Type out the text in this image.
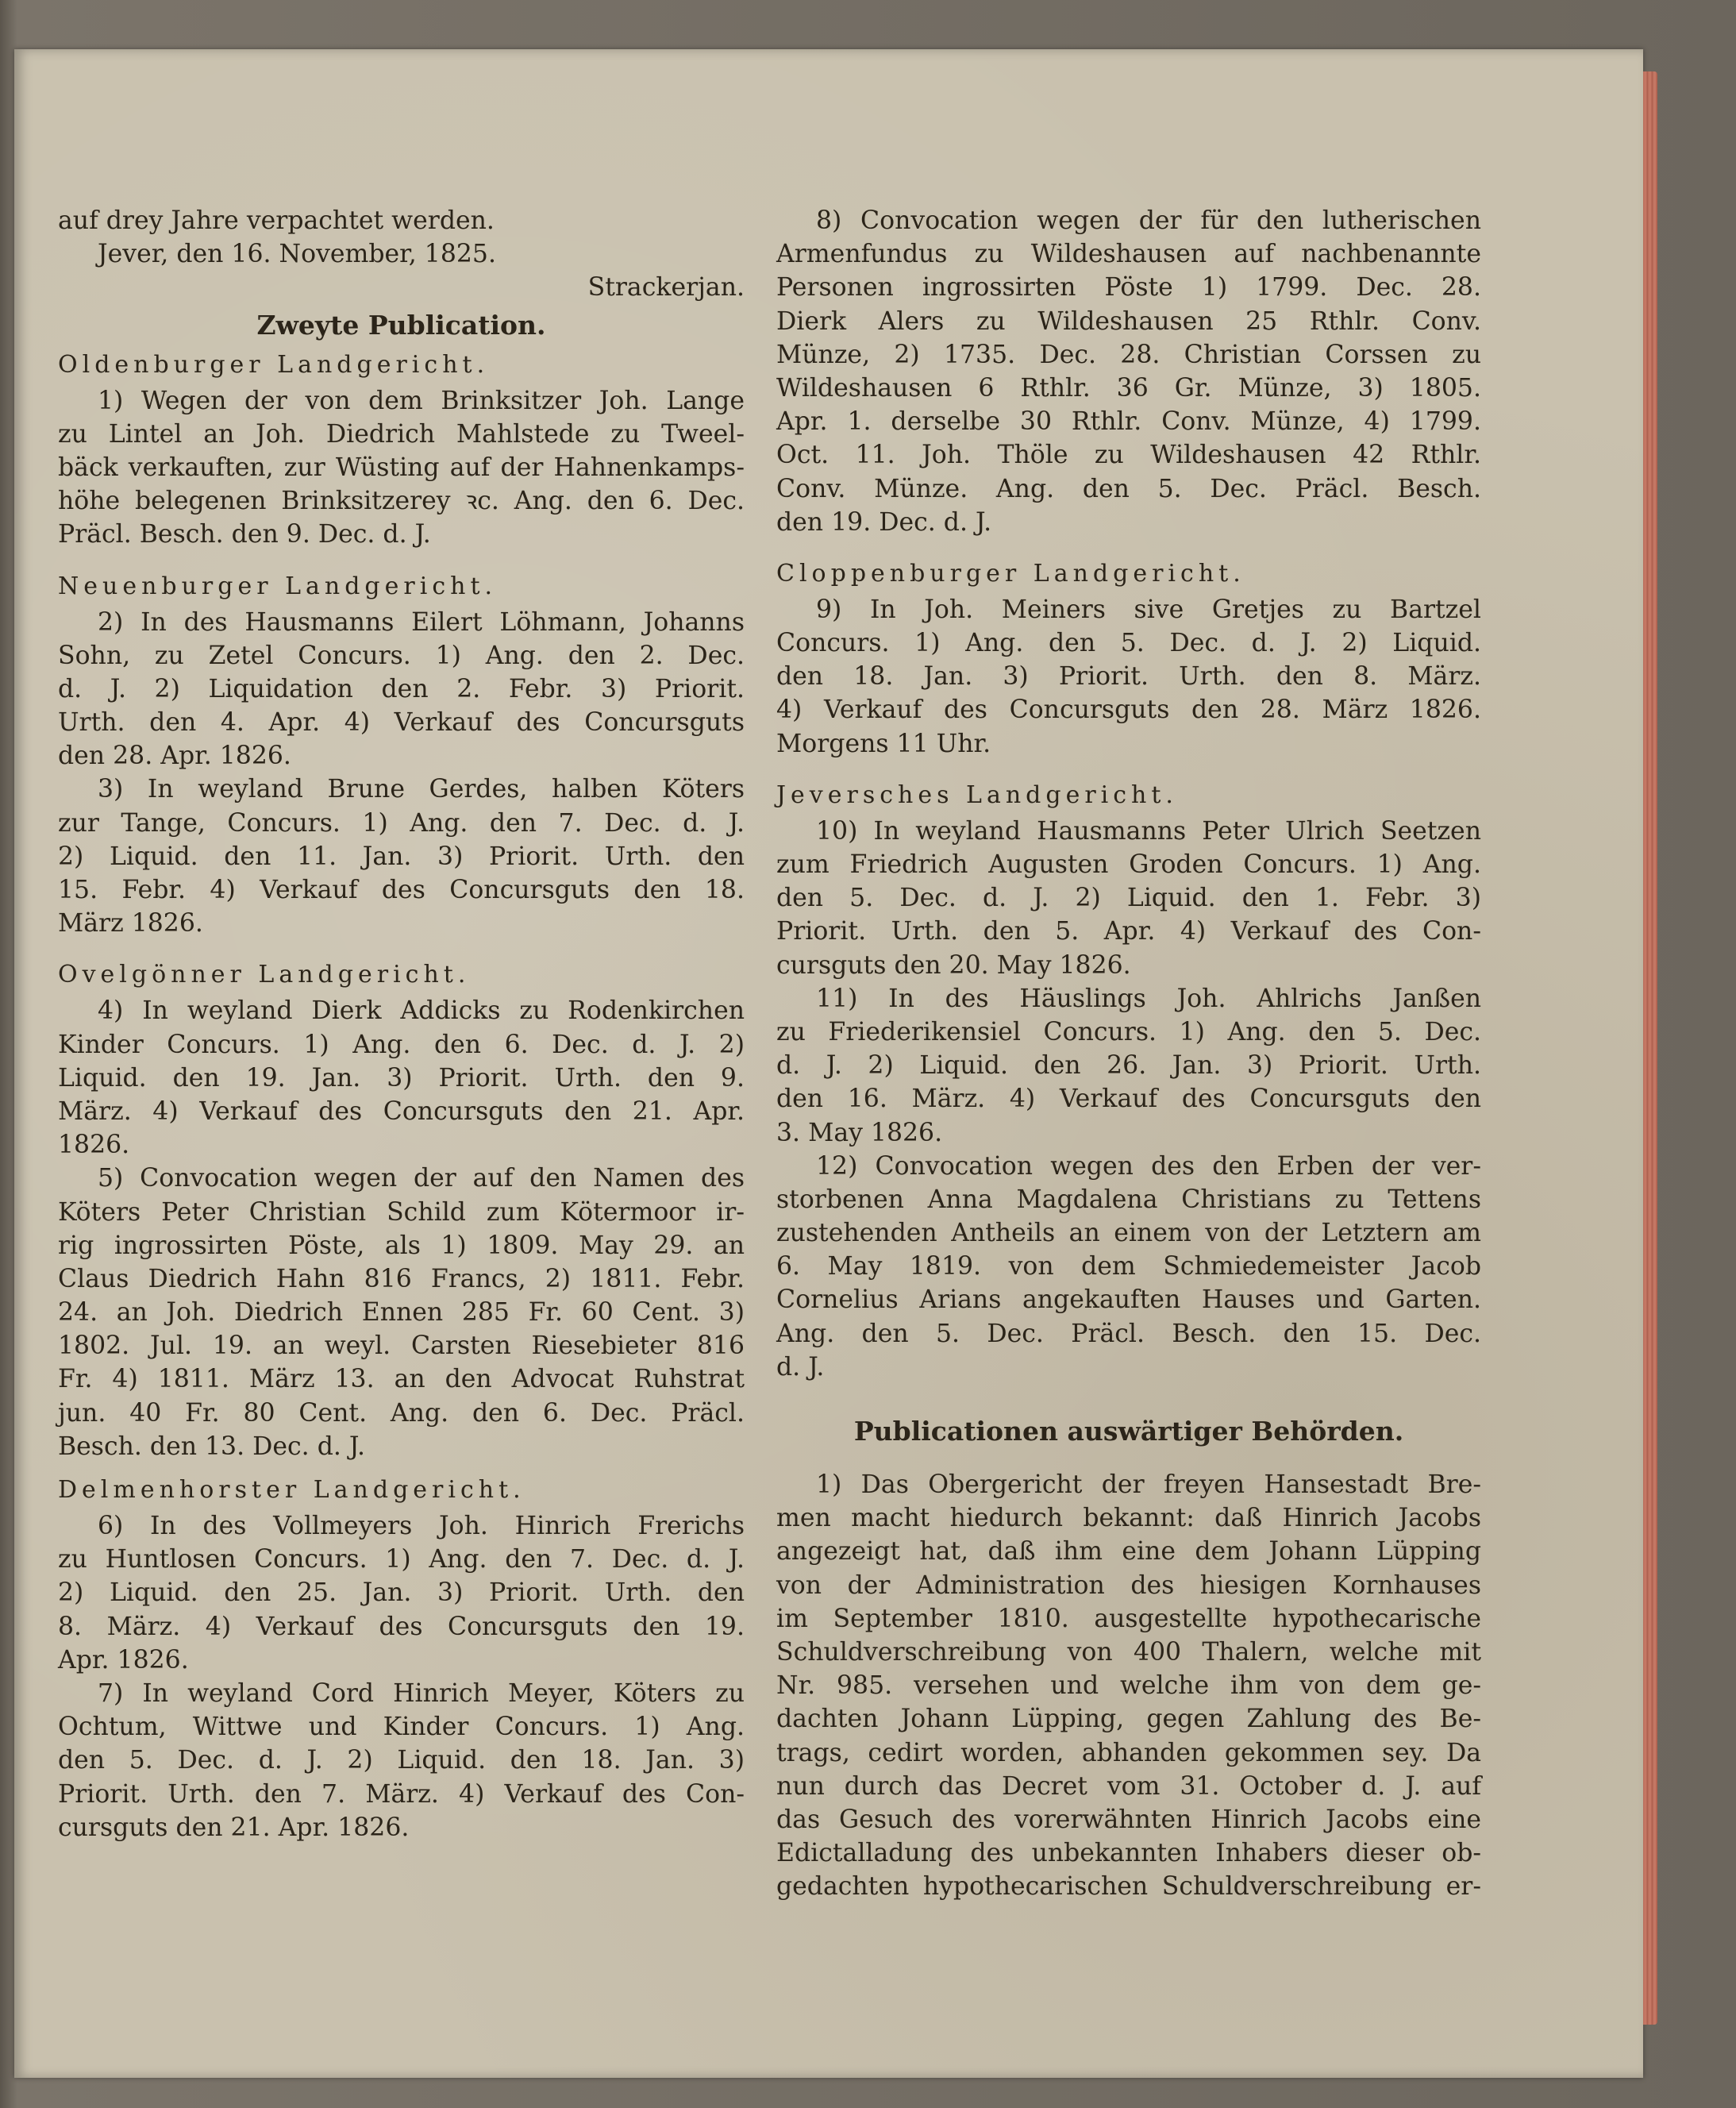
auf drey Jahre verpachtet werden.
Jever, den 16. November, 1825.
Strackerjan.
Zweyte Publication.
Oldenburger Landgericht.
1) Wegen der von dem Brinksitzer Joh. Lange
zu Lintel an Joh. Diedrich Mahlstede zu Tweel-
bäck verkauften, zur Wüsting auf der Hahnenkamps-
höhe belegenen Brinksitzerey ꝛc. Ang. den 6. Dec.
Präcl. Besch. den 9. Dec. d. J.
Neuenburger Landgericht.
2) In des Hausmanns Eilert Löhmann, Johanns
Sohn, zu Zetel Concurs. 1) Ang. den 2. Dec.
d. J. 2) Liquidation den 2. Febr. 3) Priorit.
Urth. den 4. Apr. 4) Verkauf des Concursguts
den 28. Apr. 1826.
3) In weyland Brune Gerdes, halben Köters
zur Tange, Concurs. 1) Ang. den 7. Dec. d. J.
2) Liquid. den 11. Jan. 3) Priorit. Urth. den
15. Febr. 4) Verkauf des Concursguts den 18.
März 1826.
Ovelgönner Landgericht.
4) In weyland Dierk Addicks zu Rodenkirchen
Kinder Concurs. 1) Ang. den 6. Dec. d. J. 2)
Liquid. den 19. Jan. 3) Priorit. Urth. den 9.
März. 4) Verkauf des Concursguts den 21. Apr.
1826.
5) Convocation wegen der auf den Namen des
Köters Peter Christian Schild zum Kötermoor ir-
rig ingrossirten Pöste, als 1) 1809. May 29. an
Claus Diedrich Hahn 816 Francs, 2) 1811. Febr.
24. an Joh. Diedrich Ennen 285 Fr. 60 Cent. 3)
1802. Jul. 19. an weyl. Carsten Riesebieter 816
Fr. 4) 1811. März 13. an den Advocat Ruhstrat
jun. 40 Fr. 80 Cent. Ang. den 6. Dec. Präcl.
Besch. den 13. Dec. d. J.
Delmenhorster Landgericht.
6) In des Vollmeyers Joh. Hinrich Frerichs
zu Huntlosen Concurs. 1) Ang. den 7. Dec. d. J.
2) Liquid. den 25. Jan. 3) Priorit. Urth. den
8. März. 4) Verkauf des Concursguts den 19.
Apr. 1826.
7) In weyland Cord Hinrich Meyer, Köters zu
Ochtum, Wittwe und Kinder Concurs. 1) Ang.
den 5. Dec. d. J. 2) Liquid. den 18. Jan. 3)
Priorit. Urth. den 7. März. 4) Verkauf des Con-
cursguts den 21. Apr. 1826.
8) Convocation wegen der für den lutherischen
Armenfundus zu Wildeshausen auf nachbenannte
Personen ingrossirten Pöste 1) 1799. Dec. 28.
Dierk Alers zu Wildeshausen 25 Rthlr. Conv.
Münze, 2) 1735. Dec. 28. Christian Corssen zu
Wildeshausen 6 Rthlr. 36 Gr. Münze, 3) 1805.
Apr. 1. derselbe 30 Rthlr. Conv. Münze, 4) 1799.
Oct. 11. Joh. Thöle zu Wildeshausen 42 Rthlr.
Conv. Münze. Ang. den 5. Dec. Präcl. Besch.
den 19. Dec. d. J.
Cloppenburger Landgericht.
9) In Joh. Meiners sive Gretjes zu Bartzel
Concurs. 1) Ang. den 5. Dec. d. J. 2) Liquid.
den 18. Jan. 3) Priorit. Urth. den 8. März.
4) Verkauf des Concursguts den 28. März 1826.
Morgens 11 Uhr.
Jeversches Landgericht.
10) In weyland Hausmanns Peter Ulrich Seetzen
zum Friedrich Augusten Groden Concurs. 1) Ang.
den 5. Dec. d. J. 2) Liquid. den 1. Febr. 3)
Priorit. Urth. den 5. Apr. 4) Verkauf des Con-
cursguts den 20. May 1826.
11) In des Häuslings Joh. Ahlrichs Janßen
zu Friederikensiel Concurs. 1) Ang. den 5. Dec.
d. J. 2) Liquid. den 26. Jan. 3) Priorit. Urth.
den 16. März. 4) Verkauf des Concursguts den
3. May 1826.
12) Convocation wegen des den Erben der ver-
storbenen Anna Magdalena Christians zu Tettens
zustehenden Antheils an einem von der Letztern am
6. May 1819. von dem Schmiedemeister Jacob
Cornelius Arians angekauften Hauses und Garten.
Ang. den 5. Dec. Präcl. Besch. den 15. Dec.
d. J.
Publicationen auswärtiger Behörden.
1) Das Obergericht der freyen Hansestadt Bre-
men macht hiedurch bekannt: daß Hinrich Jacobs
angezeigt hat, daß ihm eine dem Johann Lüpping
von der Administration des hiesigen Kornhauses
im September 1810. ausgestellte hypothecarische
Schuldverschreibung von 400 Thalern, welche mit
Nr. 985. versehen und welche ihm von dem ge-
dachten Johann Lüpping, gegen Zahlung des Be-
trags, cedirt worden, abhanden gekommen sey. Da
nun durch das Decret vom 31. October d. J. auf
das Gesuch des vorerwähnten Hinrich Jacobs eine
Edictalladung des unbekannten Inhabers dieser ob-
gedachten hypothecarischen Schuldverschreibung er-
